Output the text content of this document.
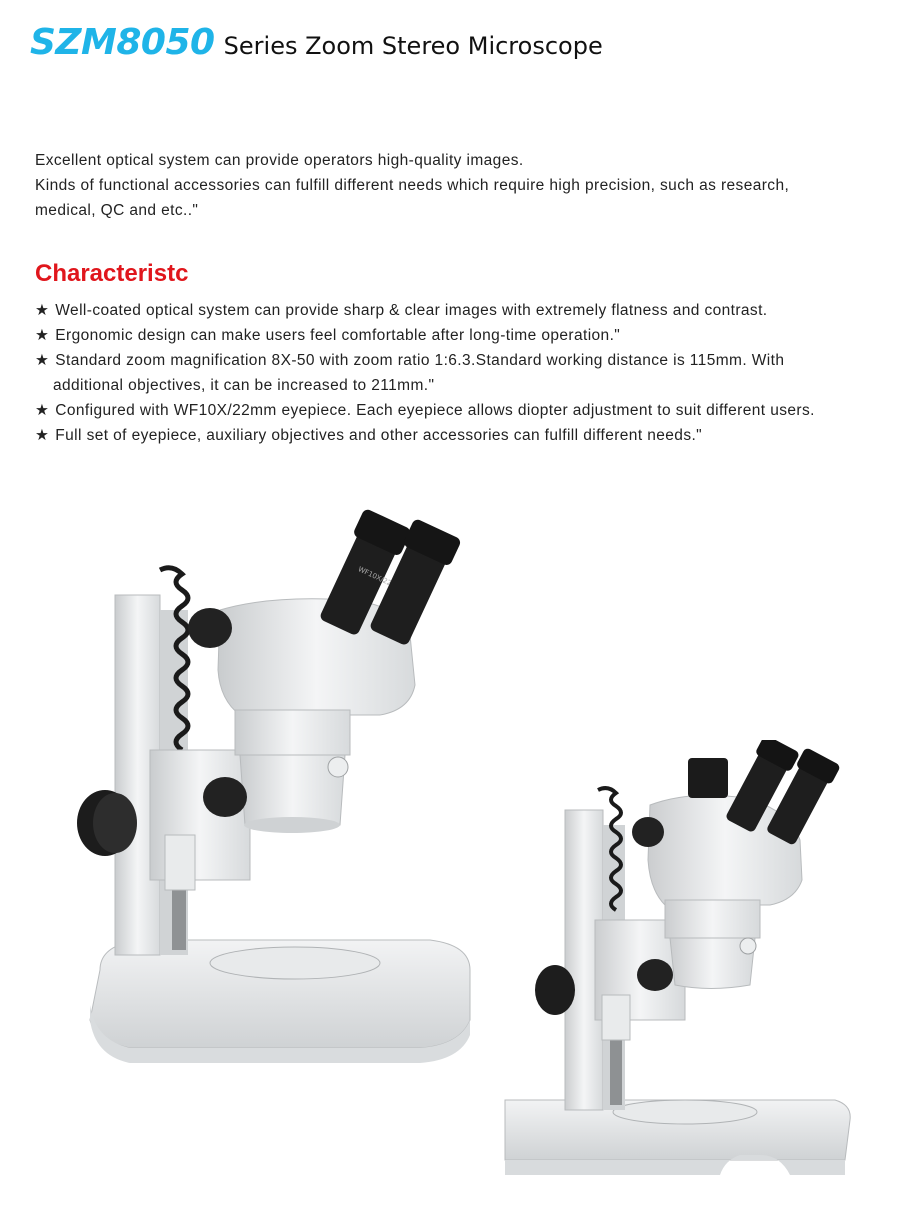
SZM8050 Series Zoom Stereo Microscope
Excellent optical system can provide operators high-quality images.
Kinds of functional accessories can fulfill different needs which require high precision, such as research,
medical, QC and etc.."
Characteristc
★ Well-coated optical system can provide sharp & clear images with extremely flatness and contrast.
★ Ergonomic design can make users feel comfortable after long-time operation."
★ Standard zoom magnification 8X-50 with zoom ratio 1:6.3.Standard working distance is 115mm. With
additional objectives, it can be increased to 211mm."
★ Configured with WF10X/22mm eyepiece. Each eyepiece allows diopter adjustment to suit different users.
★ Full set of eyepiece, auxiliary objectives and other accessories can fulfill different needs."
WF10X/22
